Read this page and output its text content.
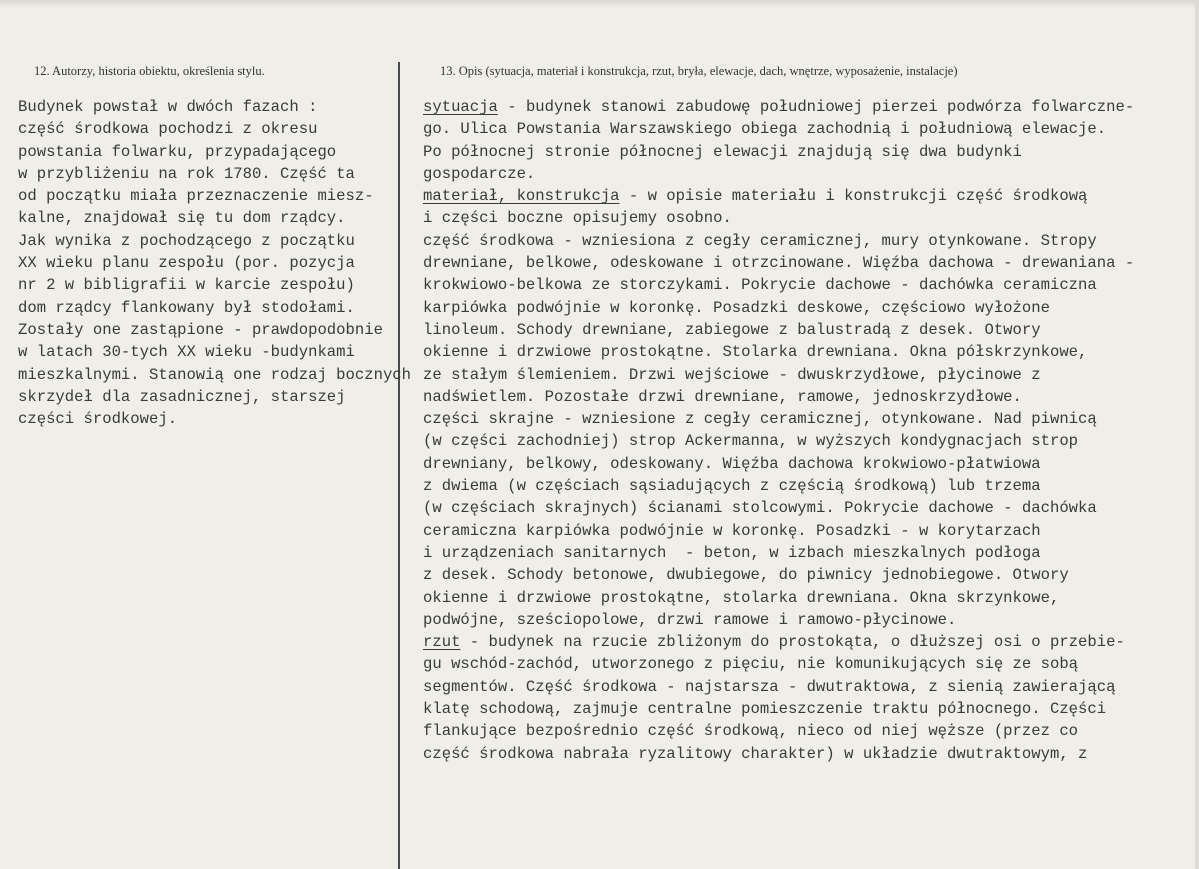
12. Autorzy, historia obiektu, określenia stylu.	13. Opis (sytuacja, materiał i konstrukcja, rzut, bryła, elewacje, dach, wnętrze, wyposażenie, instalacje)
Budynek powstał w dwóch fazach :
część środkowa pochodzi z okresu
powstania folwarku, przypadającego
w przybliżeniu na rok 1780. Część ta
od początku miała przeznaczenie miesz-
kalne, znajdował się tu dom rządcy.
Jak wynika z pochodzącego z początku
XX wieku planu zespołu (por. pozycja
nr 2 w bibligrafii w karcie zespołu)
dom rządcy flankowany był stodołami.
Zostały one zastąpione - prawdopodobnie
w latach 30-tych XX wieku -budynkami
mieszkalnymi. Stanowią one rodzaj bocznych
skrzydeł dla zasadnicznej, starszej
części środkowej.
sytuacja - budynek stanowi zabudowę południowej pierzei podwórza folwarczne-
go. Ulica Powstania Warszawskiego obiega zachodnią i południową elewacje.
Po północnej stronie północnej elewacji znajdują się dwa budynki
gospodarcze.
materiał, konstrukcja - w opisie materiału i konstrukcji część środkową
i części boczne opisujemy osobno.
część środkowa - wzniesiona z cegły ceramicznej, mury otynkowane. Stropy
drewniane, belkowe, odeskowane i otrzcinowane. Więźba dachowa - drewaniana -
krokwiowo-belkowa ze storczykami. Pokrycie dachowe - dachówka ceramiczna
karpiówka podwójnie w koronkę. Posadzki deskowe, częściowo wyłożone
linoleum. Schody drewniane, zabiegowe z balustradą z desek. Otwory
okienne i drzwiowe prostokątne. Stolarka drewniana. Okna półskrzynkowe,
ze stałym ślemieniem. Drzwi wejściowe - dwuskrzydłowe, płycinowe z
nadświetlem. Pozostałe drzwi drewniane, ramowe, jednoskrzydłowe.
części skrajne - wzniesione z cegły ceramicznej, otynkowane. Nad piwnicą
(w części zachodniej) strop Ackermanna, w wyższych kondygnacjach strop
drewniany, belkowy, odeskowany. Więźba dachowa krokwiowo-płatwiowa
z dwiema (w częściach sąsiadujących z częścią środkową) lub trzema
(w częściach skrajnych) ścianami stolcowymi. Pokrycie dachowe - dachówka
ceramiczna karpiówka podwójnie w koronkę. Posadzki - w korytarzach
i urządzeniach sanitarnych  - beton, w izbach mieszkalnych podłoga
z desek. Schody betonowe, dwubiegowe, do piwnicy jednobiegowe. Otwory
okienne i drzwiowe prostokątne, stolarka drewniana. Okna skrzynkowe,
podwójne, sześciopolowe, drzwi ramowe i ramowo-płycinowe.
rzut - budynek na rzucie zbliżonym do prostokąta, o dłuższej osi o przebie-
gu wschód-zachód, utworzonego z pięciu, nie komunikujących się ze sobą
segmentów. Część środkowa - najstarsza - dwutraktowa, z sienią zawierającą
klatę schodową, zajmuje centralne pomieszczenie traktu północnego. Części
flankujące bezpośrednio część środkową, nieco od niej węższe (przez co
część środkowa nabrała ryzalitowy charakter) w układzie dwutraktowym, z
